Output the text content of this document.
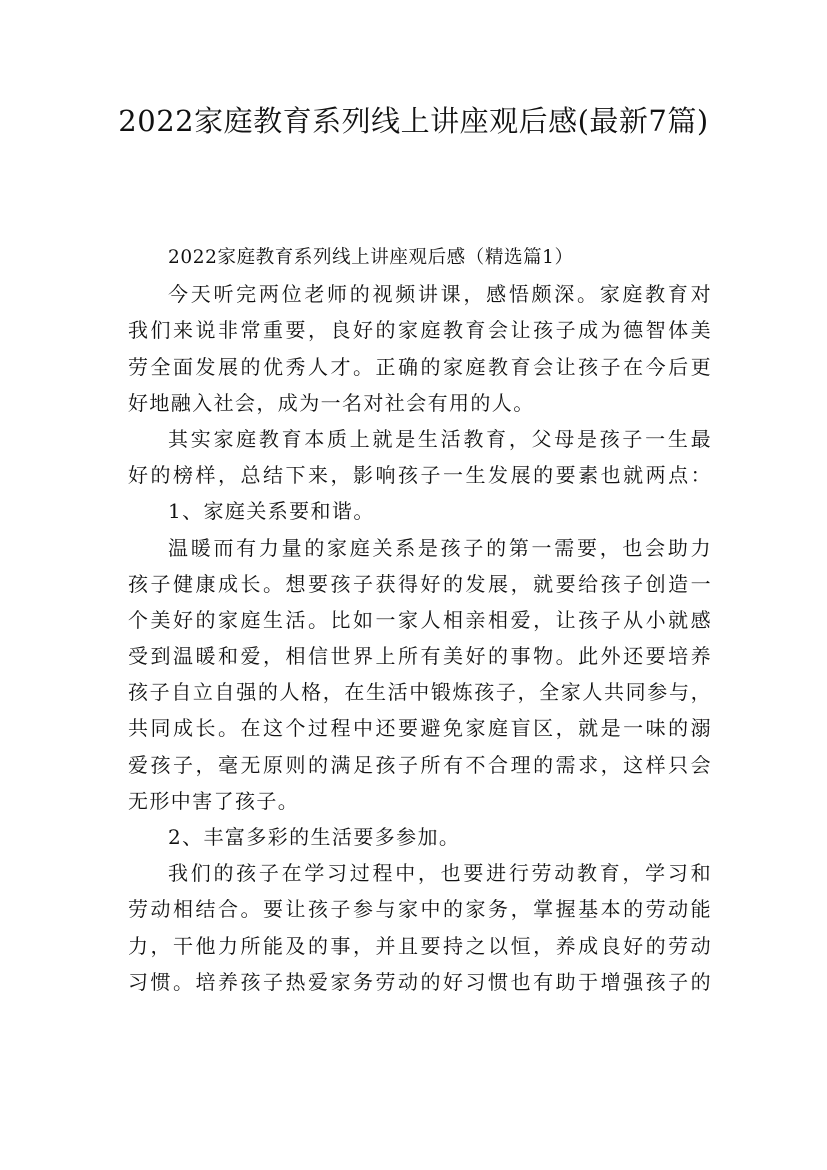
2022家庭教育系列线上讲座观后感(最新7篇)
2022家庭教育系列线上讲座观后感（精选篇1）
今天听完两位老师的视频讲课，感悟颇深。家庭教育对
我们来说非常重要，良好的家庭教育会让孩子成为德智体美
劳全面发展的优秀人才。正确的家庭教育会让孩子在今后更
好地融入社会，成为一名对社会有用的人。
其实家庭教育本质上就是生活教育，父母是孩子一生最
好的榜样，总结下来，影响孩子一生发展的要素也就两点：
1、家庭关系要和谐。
温暖而有力量的家庭关系是孩子的第一需要，也会助力
孩子健康成长。想要孩子获得好的发展，就要给孩子创造一
个美好的家庭生活。比如一家人相亲相爱，让孩子从小就感
受到温暖和爱，相信世界上所有美好的事物。此外还要培养
孩子自立自强的人格，在生活中锻炼孩子，全家人共同参与，
共同成长。在这个过程中还要避免家庭盲区，就是一味的溺
爱孩子，毫无原则的满足孩子所有不合理的需求，这样只会
无形中害了孩子。
2、丰富多彩的生活要多参加。
我们的孩子在学习过程中，也要进行劳动教育，学习和
劳动相结合。要让孩子参与家中的家务，掌握基本的劳动能
力，干他力所能及的事，并且要持之以恒，养成良好的劳动
习惯。培养孩子热爱家务劳动的好习惯也有助于增强孩子的
